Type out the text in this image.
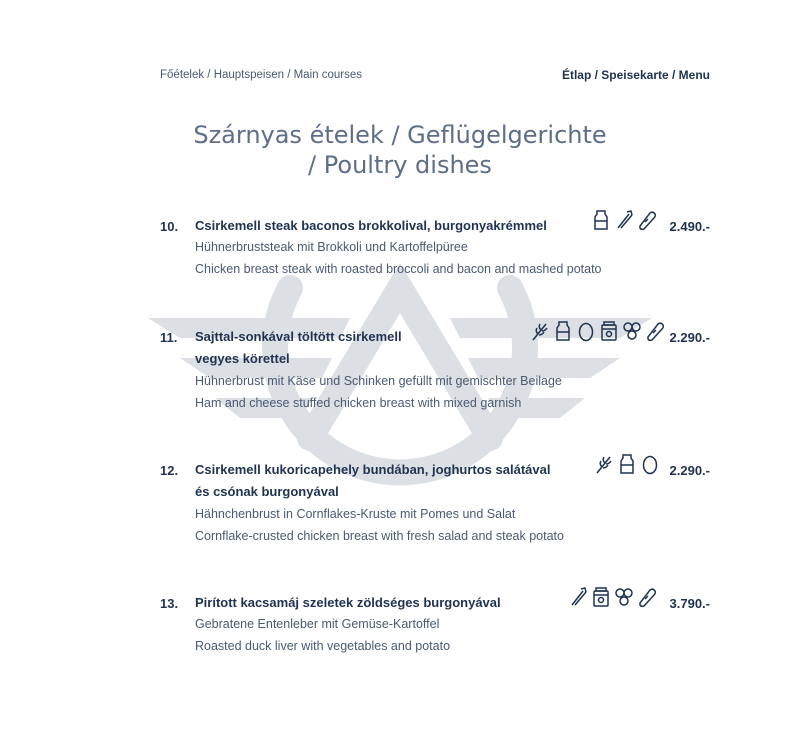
Főételek / Hauptspeisen / Main courses	Étlap / Speisekarte / Menu
Szárnyas ételek / Geflügelgerichte
/ Poultry dishes
10. Csirkemell steak baconos brokkolival, burgonyakrémmel
Hühnerbruststeak mit Brokkoli und Kartoffelpüree
Chicken breast steak with roasted broccoli and bacon and mashed potato
2.490.-
11. Sajttal-sonkával töltött csirkemell
vegyes körettel
Hühnerbrust mit Käse und Schinken gefüllt mit gemischter Beilage
Ham and cheese stuffed chicken breast with mixed garnish
2.290.-
12. Csirkemell kukoricapehely bundában, joghurtos salátával
és csónak burgonyával
Hähnchenbrust in Cornflakes-Kruste mit Pomes und Salat
Cornflake-crusted chicken breast with fresh salad and steak potato
2.290.-
13. Pirított kacsamáj szeletek zöldséges burgonyával
Gebratene Entenleber mit Gemüse-Kartoffel
Roasted duck liver with vegetables and potato
3.790.-
